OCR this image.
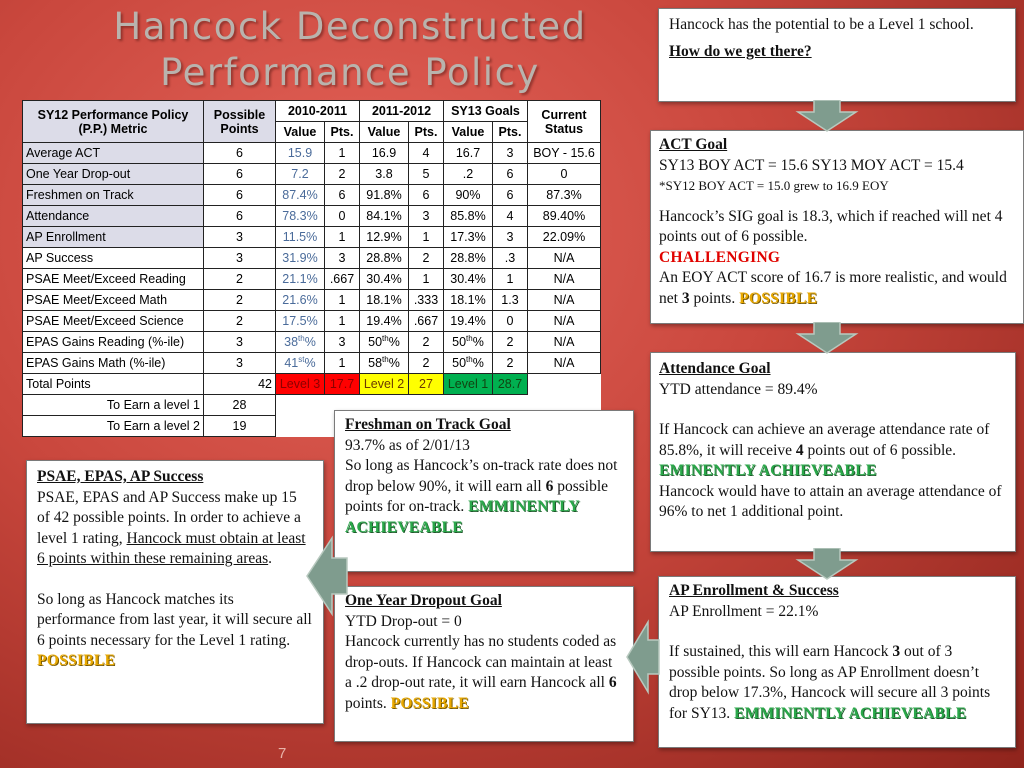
Hancock Deconstructed Performance Policy
SY12 Performance Policy (P.P.) Metric	Possible Points	2010-2011		2011-2012		SY13 Goals		Current Status
		Value	Pts.	Value	Pts.	Value	Pts.	
Average ACT	6	15.9	1	16.9	4	16.7	3	BOY - 15.6
One Year Drop-out	6	7.2	2	3.8	5	.2	6	0
Freshmen on Track	6	87.4%	6	91.8%	6	90%	6	87.3%
Attendance	6	78.3%	0	84.1%	3	85.8%	4	89.40%
AP Enrollment	3	11.5%	1	12.9%	1	17.3%	3	22.09%
AP Success	3	31.9%	3	28.8%	2	28.8%	.3	N/A
PSAE Meet/Exceed Reading	2	21.1%	.667	30.4%	1	30.4%	1	N/A
PSAE Meet/Exceed Math	2	21.6%	1	18.1%	.333	18.1%	1.3	N/A
PSAE Meet/Exceed Science	2	17.5%	1	19.4%	.667	19.4%	0	N/A
EPAS Gains Reading (%-ile)	3	38th%	3	50th%	2	50th%	2	N/A
EPAS Gains Math (%-ile)	3	41st%	1	58th%	2	50th%	2	N/A
Total Points	42	Level 3	17.7	Level 2	27	Level 1	28.7	
To Earn a level 1	28							
To Earn a level 2	19							

Hancock has the potential to be a Level 1 school.

How do we get there?

ACT Goal

SY13 BOY ACT = 15.6 SY13 MOY ACT = 15.4

*SY12 BOY ACT = 15.0 grew to 16.9 EOY

Hancock’s SIG goal is 18.3, which if reached will net 4 points out of 6 possible.
CHALLENGING

An EOY ACT score of 16.7 is more realistic, and would net 3 points. POSSIBLE

Attendance Goal

YTD attendance = 89.4%

If Hancock can achieve an average attendance rate of 85.8%, it will receive 4 points out of 6 possible. EMINENTLY ACHIEVEABLE

Hancock would have to attain an average attendance of 96% to net 1 additional point.

AP Enrollment & Success

AP Enrollment = 22.1%

If sustained, this will earn Hancock 3 out of 3 possible points. So long as AP Enrollment doesn’t drop below 17.3%, Hancock will secure all 3 points for SY13. EMMINENTLY ACHIEVEABLE

Freshman on Track Goal

93.7% as of 2/01/13

So long as Hancock’s on-track rate does not drop below 90%, it will earn all 6 possible points for on-track. EMMINENTLY ACHIEVEABLE

One Year Dropout Goal

YTD Drop-out = 0

Hancock currently has no students coded as drop-outs. If Hancock can maintain at least a .2 drop-out rate, it will earn Hancock all 6 points. POSSIBLE

PSAE, EPAS, AP Success

PSAE, EPAS and AP Success make up 15 of 42 possible points. In order to achieve a level 1 rating, Hancock must obtain at least 6 points within these remaining areas.

So long as Hancock matches its performance from last year, it will secure all 6 points necessary for the Level 1 rating. POSSIBLE

7
